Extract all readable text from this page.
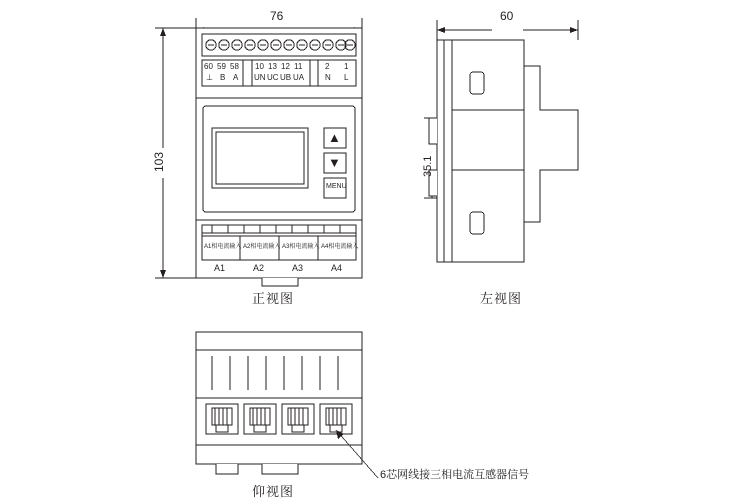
76
103
60 59 58 10 13 12 11	2 1
⊥ B A UN UC UB UA	N L
▲
▼
MENU
A1相电流输入 A2相电流输入 A3相电流输入 A4相电流输入
A1	A2	A3	A4
60
35.1
正视图	左视图
仰视图
6芯网线接三相电流互感器信号
